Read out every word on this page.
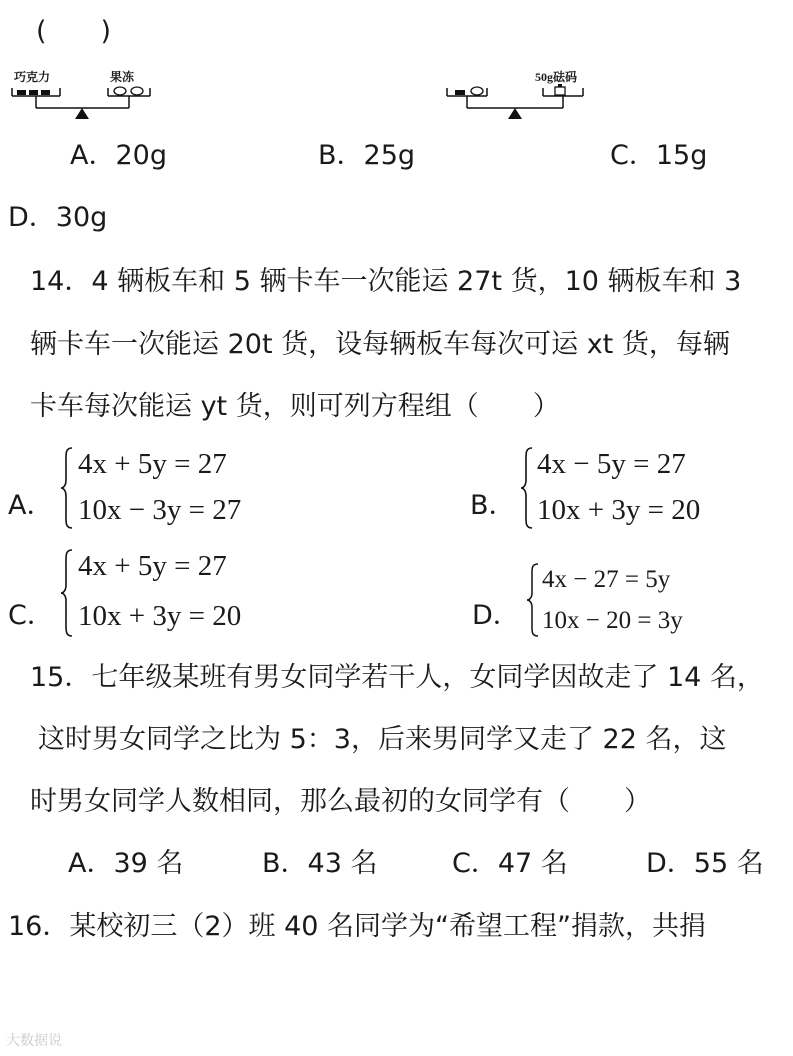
(　　)
巧克力	果冻	50g砝码
A．20g	B．25g	C．15g
D．30g
14．4 辆板车和 5 辆卡车一次能运 27t 货，10 辆板车和 3
辆卡车一次能运 20t 货，设每辆板车每次可运 xt 货，每辆
卡车每次能运 yt 货，则可列方程组（　　）
A．
4x + 5y = 27
10x − 3y = 27	B．
4x − 5y = 27
10x + 3y = 20
C．
4x + 5y = 27
10x + 3y = 20	D．
4x − 27 = 5y
10x − 20 = 3y
15．七年级某班有男女同学若干人，女同学因故走了 14 名，
这时男女同学之比为 5：3，后来男同学又走了 22 名，这
时男女同学人数相同，那么最初的女同学有（　　）
A．39 名	B．43 名	C．47 名	D．55 名
16．某校初三（2）班 40 名同学为“希望工程”捐款，共捐
大数据说
